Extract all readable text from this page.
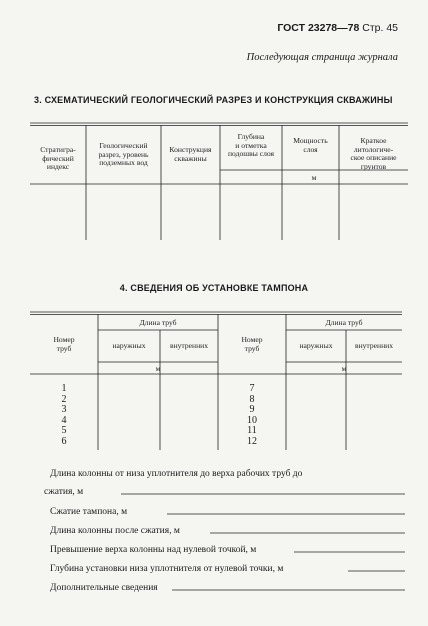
ГОСТ 23278—78 Стр. 45
Последующая страница журнала
3. СХЕМАТИЧЕСКИЙ ГЕОЛОГИЧЕСКИЙ РАЗРЕЗ И КОНСТРУКЦИЯ СКВАЖИНЫ
Стратигра-
фический
индекс
Геологический
разрез, уровень
подземных вод
Конструкция
скважины
Глубина
и отметка
подошвы слоя
Мощность
слоя
Краткое
литологиче-
ское описание
грунтов
м
4. СВЕДЕНИЯ ОБ УСТАНОВКЕ ТАМПОНА
Номер
труб
Длина труб
наружных	внутренних
м
Номер
труб
Длина труб
наружных	внутренних
м
1
2
3
4
5
6
7
8
9
10
11
12
Длина колонны от низа уплотнителя до верха рабочих труб до
сжатия, м
Сжатие тампона, м
Длина колонны после сжатия, м
Превышение верха колонны над нулевой точкой, м
Глубина установки низа уплотнителя от нулевой точки, м
Дополнительные сведения
